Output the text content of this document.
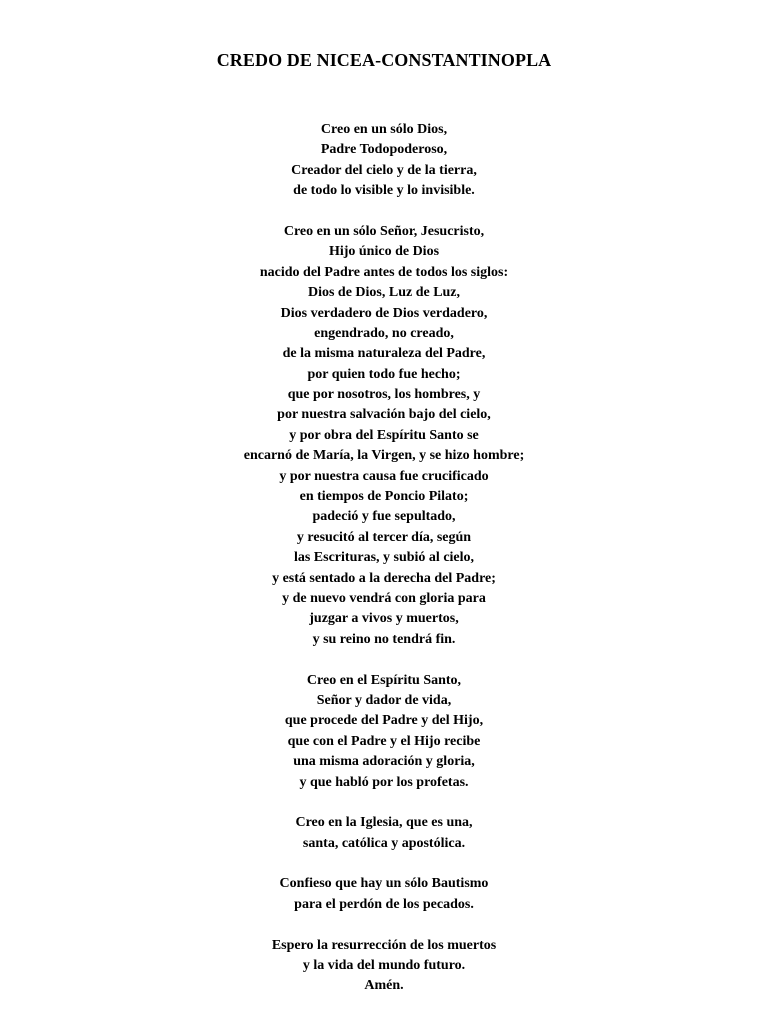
CREDO DE NICEA-CONSTANTINOPLA
Creo en un sólo Dios,
Padre Todopoderoso,
Creador del cielo y de la tierra,
de todo lo visible y lo invisible.
Creo en un sólo Señor, Jesucristo,
Hijo único de Dios
nacido del Padre antes de todos los siglos:
Dios de Dios, Luz de Luz,
Dios verdadero de Dios verdadero,
engendrado, no creado,
de la misma naturaleza del Padre,
por quien todo fue hecho;
que por nosotros, los hombres, y
por nuestra salvación bajo del cielo,
y por obra del Espíritu Santo se
encarnó de María, la Virgen, y se hizo hombre;
y por nuestra causa fue crucificado
en tiempos de Poncio Pilato;
padeció y fue sepultado,
y resucitó al tercer día, según
las Escrituras, y subió al cielo,
y está sentado a la derecha del Padre;
y de nuevo vendrá con gloria para
juzgar a vivos y muertos,
y su reino no tendrá fin.
Creo en el Espíritu Santo,
Señor y dador de vida,
que procede del Padre y del Hijo,
que con el Padre y el Hijo recibe
una misma adoración y gloria,
y que habló por los profetas.
Creo en la Iglesia, que es una,
santa, católica y apostólica.
Confieso que hay un sólo Bautismo
para el perdón de los pecados.
Espero la resurrección de los muertos
y la vida del mundo futuro.
Amén.
